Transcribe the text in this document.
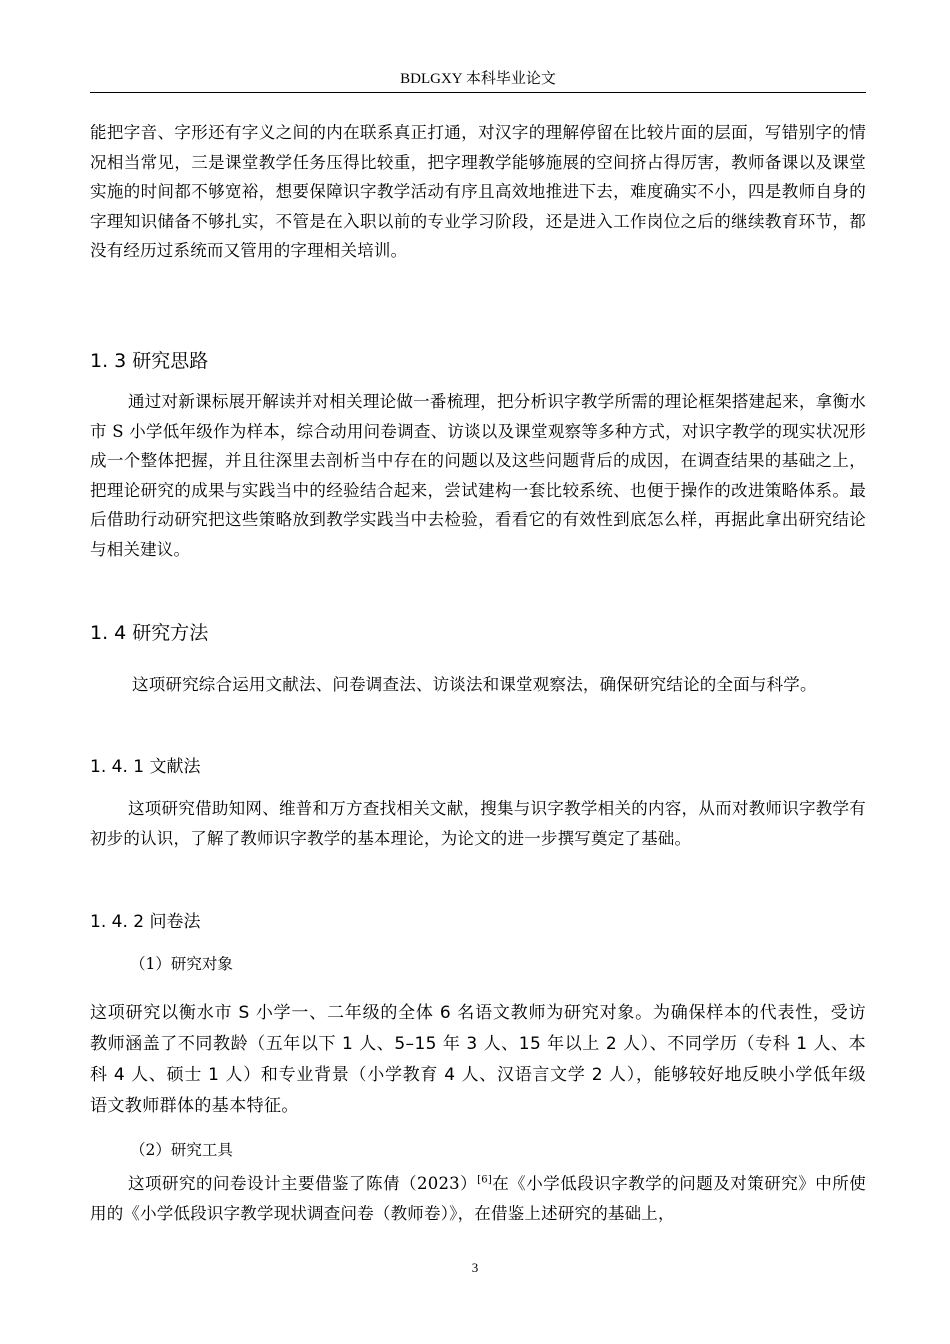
BDLGXY 本科毕业论文

能把字音、字形还有字义之间的内在联系真正打通，对汉字的理解停留在比较片面的层面，写错别字的情况相当常见，三是课堂教学任务压得比较重，把字理教学能够施展的空间挤占得厉害，教师备课以及课堂实施的时间都不够宽裕，想要保障识字教学活动有序且高效地推进下去，难度确实不小，四是教师自身的字理知识储备不够扎实，不管是在入职以前的专业学习阶段，还是进入工作岗位之后的继续教育环节，都没有经历过系统而又管用的字理相关培训。

1. 3 研究思路

通过对新课标展开解读并对相关理论做一番梳理，把分析识字教学所需的理论框架搭建起来，拿衡水市 S 小学低年级作为样本，综合动用问卷调查、访谈以及课堂观察等多种方式，对识字教学的现实状况形成一个整体把握，并且往深里去剖析当中存在的问题以及这些问题背后的成因，在调查结果的基础之上，把理论研究的成果与实践当中的经验结合起来，尝试建构一套比较系统、也便于操作的改进策略体系。最后借助行动研究把这些策略放到教学实践当中去检验，看看它的有效性到底怎么样，再据此拿出研究结论与相关建议。

1. 4 研究方法

这项研究综合运用文献法、问卷调查法、访谈法和课堂观察法，确保研究结论的全面与科学。

1. 4. 1 文献法

这项研究借助知网、维普和万方查找相关文献，搜集与识字教学相关的内容，从而对教师识字教学有初步的认识，了解了教师识字教学的基本理论，为论文的进一步撰写奠定了基础。

1. 4. 2 问卷法

（1）研究对象

这项研究以衡水市 S 小学一、二年级的全体 6 名语文教师为研究对象。为确保样本的代表性，受访教师涵盖了不同教龄（五年以下 1 人、5–15 年 3 人、15 年以上 2 人）、不同学历（专科 1 人、本科 4 人、硕士 1 人）和专业背景（小学教育 4 人、汉语言文学 2 人），能够较好地反映小学低年级语文教师群体的基本特征。

（2）研究工具

这项研究的问卷设计主要借鉴了陈倩（2023）[6]在《小学低段识字教学的问题及对策研究》中所使用的《小学低段识字教学现状调查问卷（教师卷）》，在借鉴上述研究的基础上，

3
